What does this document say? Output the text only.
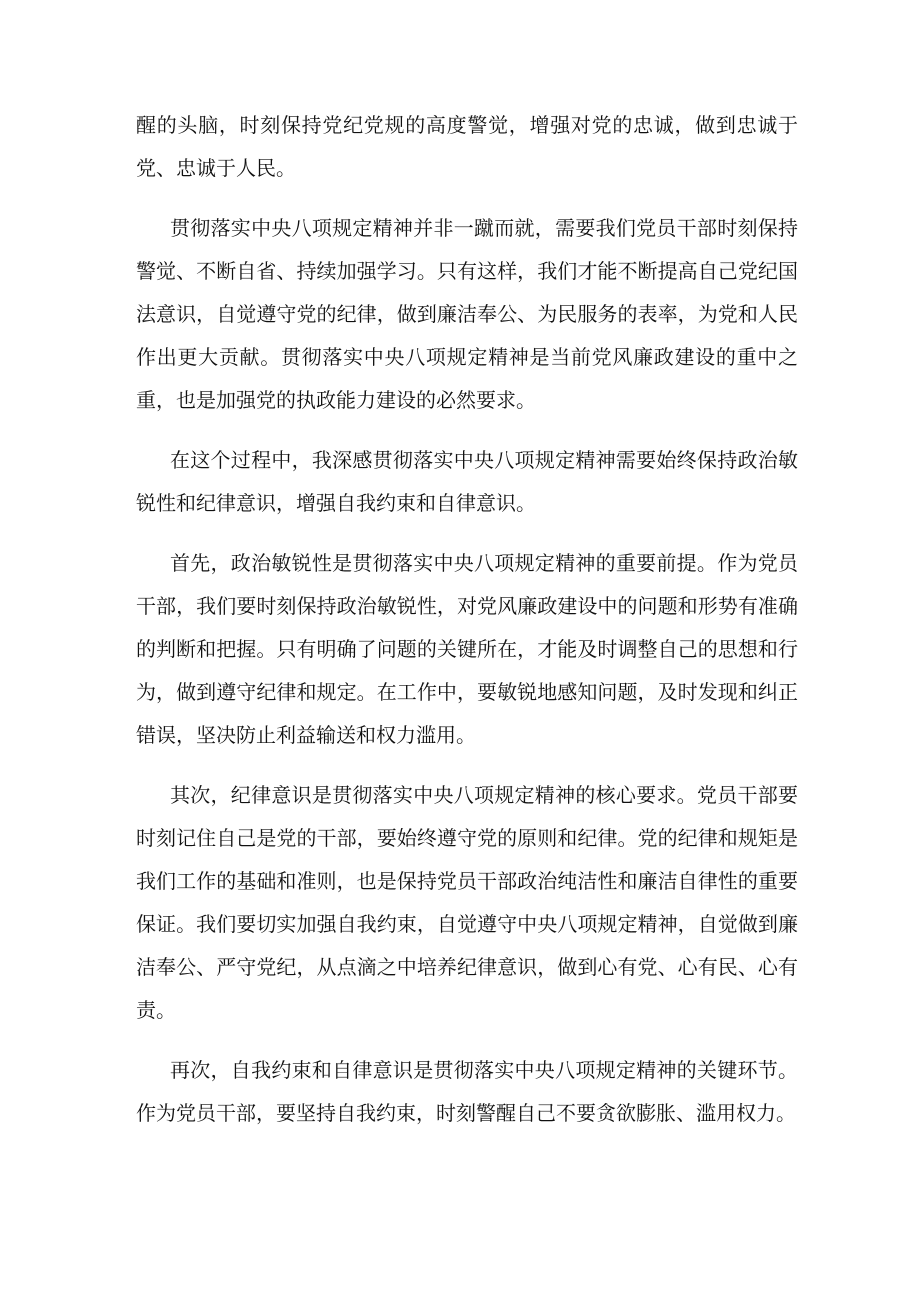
醒的头脑，时刻保持党纪党规的高度警觉，增强对党的忠诚，做到忠诚于党、忠诚于人民。

贯彻落实中央八项规定精神并非一蹴而就，需要我们党员干部时刻保持警觉、不断自省、持续加强学习。只有这样，我们才能不断提高自己党纪国法意识，自觉遵守党的纪律，做到廉洁奉公、为民服务的表率，为党和人民作出更大贡献。贯彻落实中央八项规定精神是当前党风廉政建设的重中之重，也是加强党的执政能力建设的必然要求。

在这个过程中，我深感贯彻落实中央八项规定精神需要始终保持政治敏锐性和纪律意识，增强自我约束和自律意识。

首先，政治敏锐性是贯彻落实中央八项规定精神的重要前提。作为党员干部，我们要时刻保持政治敏锐性，对党风廉政建设中的问题和形势有准确的判断和把握。只有明确了问题的关键所在，才能及时调整自己的思想和行为，做到遵守纪律和规定。在工作中，要敏锐地感知问题，及时发现和纠正错误，坚决防止利益输送和权力滥用。

其次，纪律意识是贯彻落实中央八项规定精神的核心要求。党员干部要时刻记住自己是党的干部，要始终遵守党的原则和纪律。党的纪律和规矩是我们工作的基础和准则，也是保持党员干部政治纯洁性和廉洁自律性的重要保证。我们要切实加强自我约束，自觉遵守中央八项规定精神，自觉做到廉洁奉公、严守党纪，从点滴之中培养纪律意识，做到心有党、心有民、心有责。

再次，自我约束和自律意识是贯彻落实中央八项规定精神的关键环节。作为党员干部，要坚持自我约束，时刻警醒自己不要贪欲膨胀、滥用权力。
